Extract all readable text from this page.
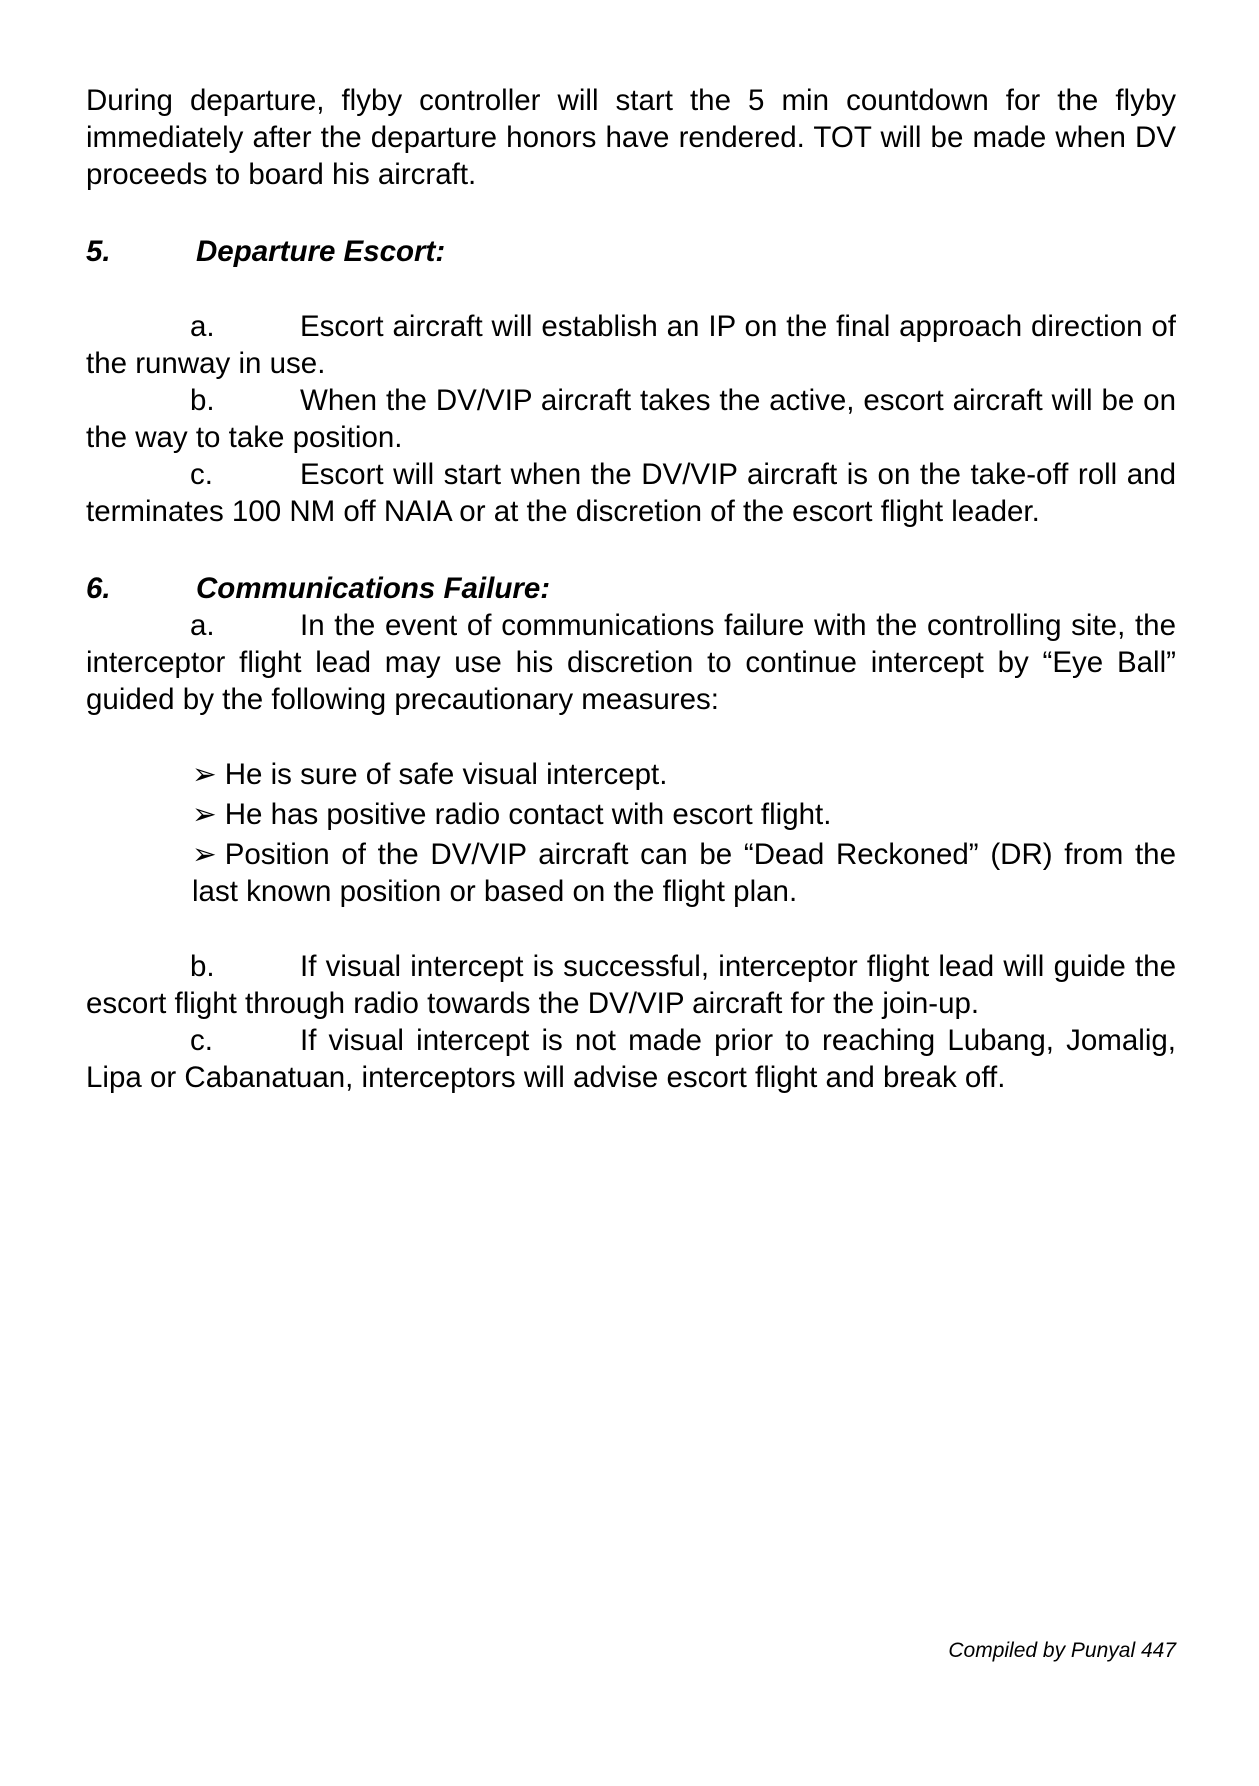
During departure, flyby controller will start the 5 min countdown for the flyby immediately after the departure honors have rendered. TOT will be made when DV proceeds to board his aircraft.

5.	Departure Escort:

a.	Escort aircraft will establish an IP on the final approach direction of the runway in use.

b.	When the DV/VIP aircraft takes the active, escort aircraft will be on the way to take position.

c.	Escort will start when the DV/VIP aircraft is on the take-off roll and terminates 100 NM off NAIA or at the discretion of the escort flight leader.

6.	Communications Failure:

a.	In the event of communications failure with the controlling site, the interceptor flight lead may use his discretion to continue intercept by “Eye Ball” guided by the following precautionary measures:

➢ He is sure of safe visual intercept.
➢ He has positive radio contact with escort flight.
➢ Position of the DV/VIP aircraft can be “Dead Reckoned” (DR) from the last known position or based on the flight plan.

b.	If visual intercept is successful, interceptor flight lead will guide the escort flight through radio towards the DV/VIP aircraft for the join-up.

c.	If visual intercept is not made prior to reaching Lubang, Jomalig, Lipa or Cabanatuan, interceptors will advise escort flight and break off.

Compiled by Punyal 447
